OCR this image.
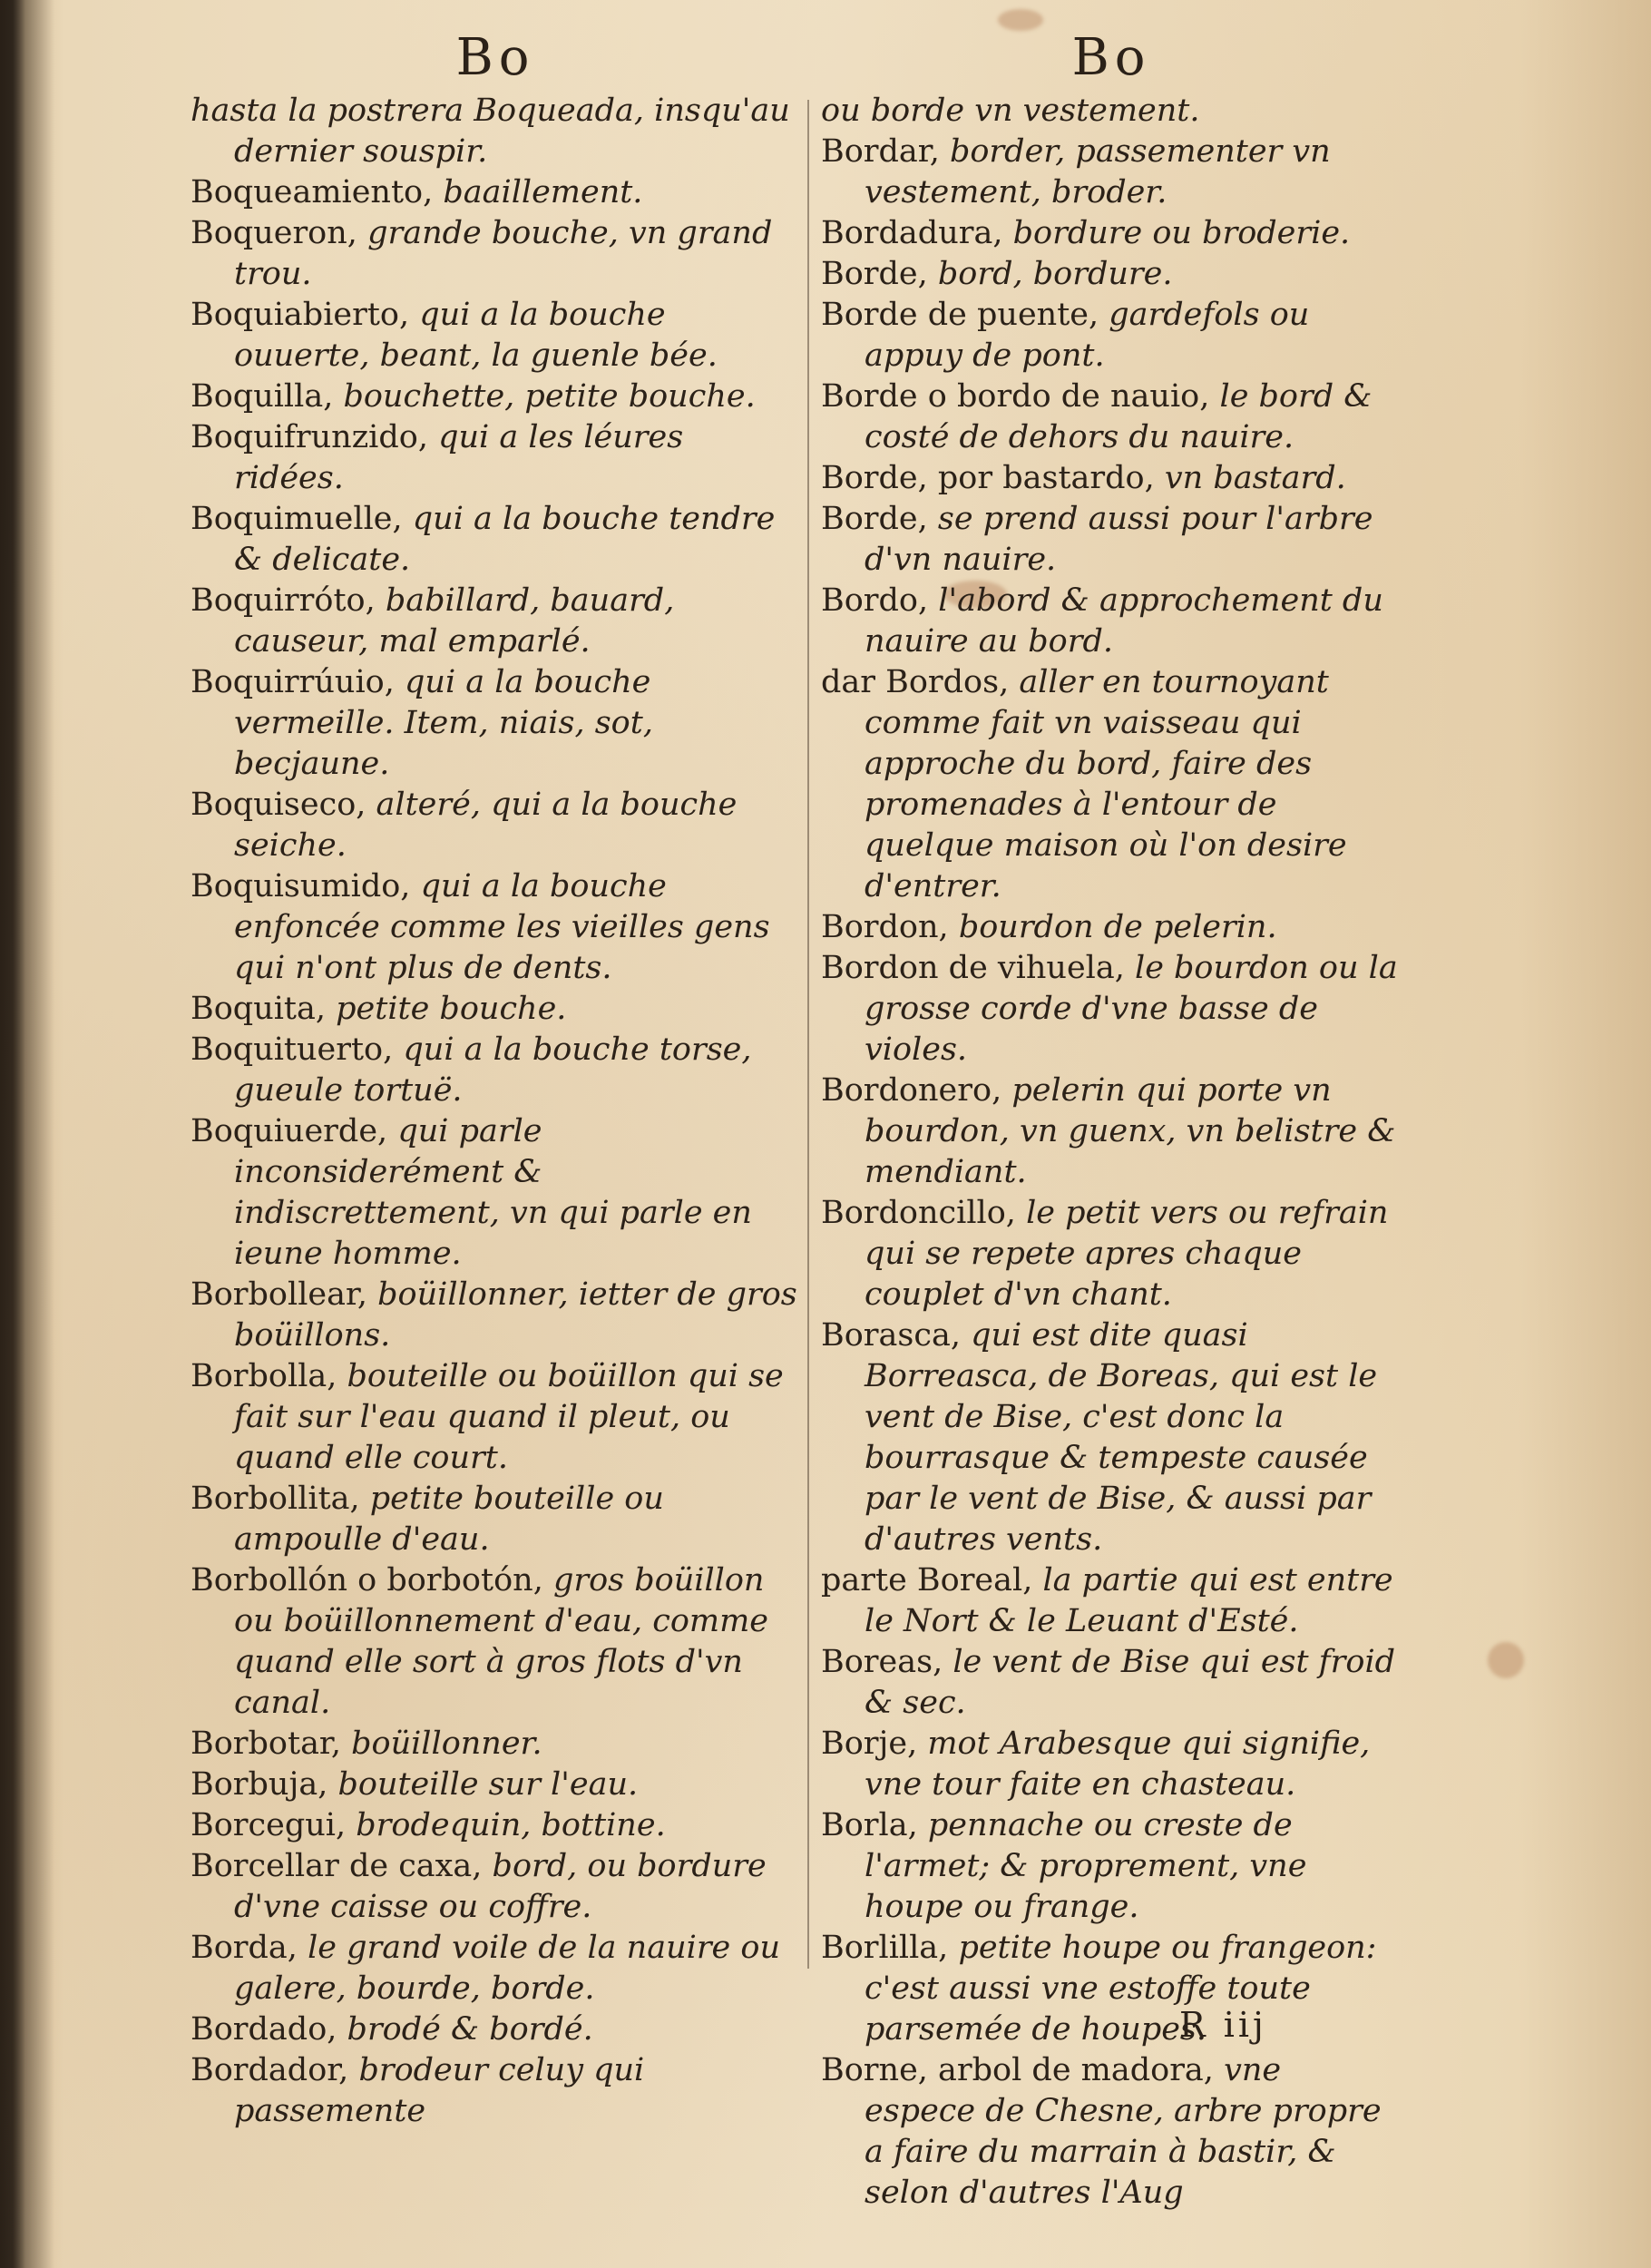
Bo

hasta la postrera Boqueada, insqu'au dernier souspir.

Boqueamiento, baaillement.

Boqueron, grande bouche, vn grand trou.

Boquiabierto, qui a la bouche ouuerte, beant, la guenle bée.

Boquilla, bouchette, petite bouche.

Boquifrunzido, qui a les léures ridées.

Boquimuelle, qui a la bouche tendre & delicate.

Boquirróto, babillard, bauard, causeur, mal emparlé.

Boquirrúuio, qui a la bouche vermeille. Item, niais, sot, becjaune.

Boquiseco, alteré, qui a la bouche seiche.

Boquisumido, qui a la bouche enfoncée comme les vieilles gens qui n'ont plus de dents.

Boquita, petite bouche.

Boquituerto, qui a la bouche torse, gueule tortuë.

Boquiuerde, qui parle inconsiderément & indiscrettement, vn qui parle en ieune homme.

Borbollear, boüillonner, ietter de gros boüillons.

Borbolla, bouteille ou boüillon qui se fait sur l'eau quand il pleut, ou quand elle court.

Borbollita, petite bouteille ou ampoulle d'eau.

Borbollón o borbotón, gros boüillon ou boüillonnement d'eau, comme quand elle sort à gros flots d'vn canal.

Borbotar, boüillonner.

Borbuja, bouteille sur l'eau.

Borcegui, brodequin, bottine.

Borcellar de caxa, bord, ou bordure d'vne caisse ou coffre.

Borda, le grand voile de la nauire ou galere, bourde, borde.

Bordado, brodé & bordé.

Bordador, brodeur celuy qui passemente

Bo

ou borde vn vestement.

Bordar, border, passementer vn vestement, broder.

Bordadura, bordure ou broderie.

Borde, bord, bordure.

Borde de puente, gardefols ou appuy de pont.

Borde o bordo de nauio, le bord & costé de dehors du nauire.

Borde, por bastardo, vn bastard.

Borde, se prend aussi pour l'arbre d'vn nauire.

Bordo, l'abord & approchement du nauire au bord.

dar Bordos, aller en tournoyant comme fait vn vaisseau qui approche du bord, faire des promenades à l'entour de quelque maison où l'on desire d'entrer.

Bordon, bourdon de pelerin.

Bordon de vihuela, le bourdon ou la grosse corde d'vne basse de violes.

Bordonero, pelerin qui porte vn bourdon, vn guenx, vn belistre & mendiant.

Bordoncillo, le petit vers ou refrain qui se repete apres chaque couplet d'vn chant.

Borasca, qui est dite quasi Borreasca, de Boreas, qui est le vent de Bise, c'est donc la bourrasque & tempeste causée par le vent de Bise, & aussi par d'autres vents.

parte Boreal, la partie qui est entre le Nort & le Leuant d'Esté.

Boreas, le vent de Bise qui est froid & sec.

Borje, mot Arabesque qui signifie, vne tour faite en chasteau.

Borla, pennache ou creste de l'armet; & proprement, vne houpe ou frange.

Borlilla, petite houpe ou frangeon: c'est aussi vne estoffe toute parsemée de houpes.

Borne, arbol de madora, vne espece de Chesne, arbre propre a faire du marrain à bastir, & selon d'autres l'Aug

R iij
